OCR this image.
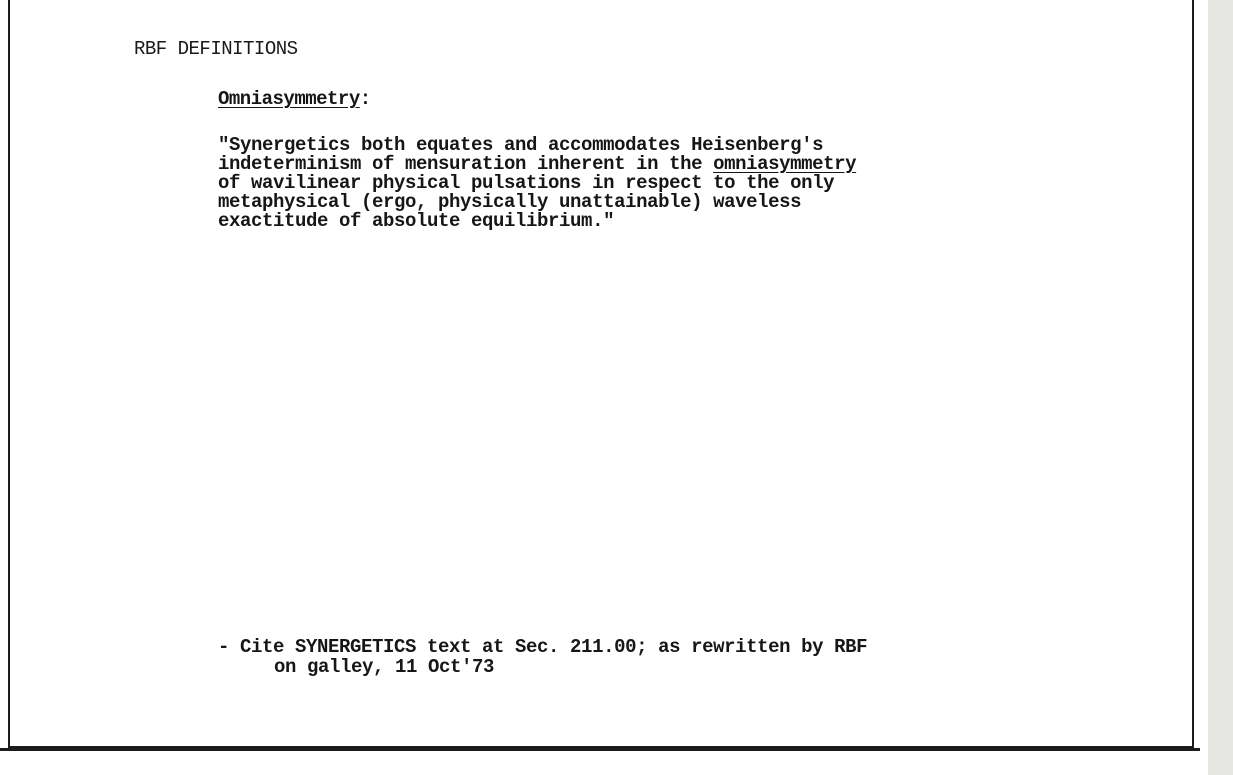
RBF DEFINITIONS
Omniasymmetry:
"Synergetics both equates and accommodates Heisenberg's
indeterminism of mensuration inherent in the omniasymmetry
of wavilinear physical pulsations in respect to the only
metaphysical (ergo, physically unattainable) waveless
exactitude of absolute equilibrium."
- Cite SYNERGETICS text at Sec. 211.00; as rewritten by RBF
on galley, 11 Oct'73
